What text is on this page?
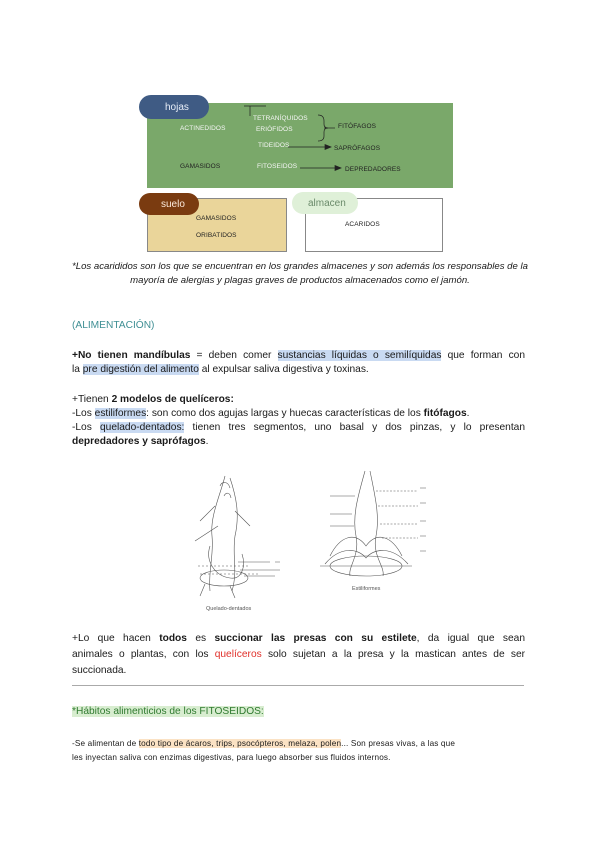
hojas
suelo	almacen
ACTINEDIDOS
TETRANÍQUIDOS
ERIÓFIDOS
TIDEIDOS
FITÓFAGOS
SAPRÓFAGOS
GAMASIDOS	FITOSEIDOS	DEPREDADORES
GAMASIDOS
ORIBATIDOS
ACARIDOS
*Los acarididos son los que se encuentran en los grandes almacenes y son además los responsables de la mayoría de alergias y plagas graves de productos almacenados como el jamón.
(ALIMENTACIÓN)
+No tienen mandíbulas = deben comer sustancias líquidas o semilíquidas que forman con
la pre digestión del alimento al expulsar saliva digestiva y toxinas.
+Tienen 2 modelos de quelíceros:
-Los estiliformes: son como dos agujas largas y huecas características de los fitófagos.
-Los quelado-dentados: tienen tres segmentos, uno basal y dos pinzas, y lo presentan
depredadores y saprófagos.
Quelado-dentados
Estiliformes
+Lo que hacen todos es succionar las presas con su estilete, da igual que sean
animales o plantas, con los quelíceros solo sujetan a la presa y la mastican antes de ser
succionada.
*Hábitos alimenticios de los FITOSEIDOS:
-Se alimentan de todo tipo de ácaros, trips, psocópteros, melaza, polen... Son presas vivas, a las que
les inyectan saliva con enzimas digestivas, para luego absorber sus fluidos internos.
